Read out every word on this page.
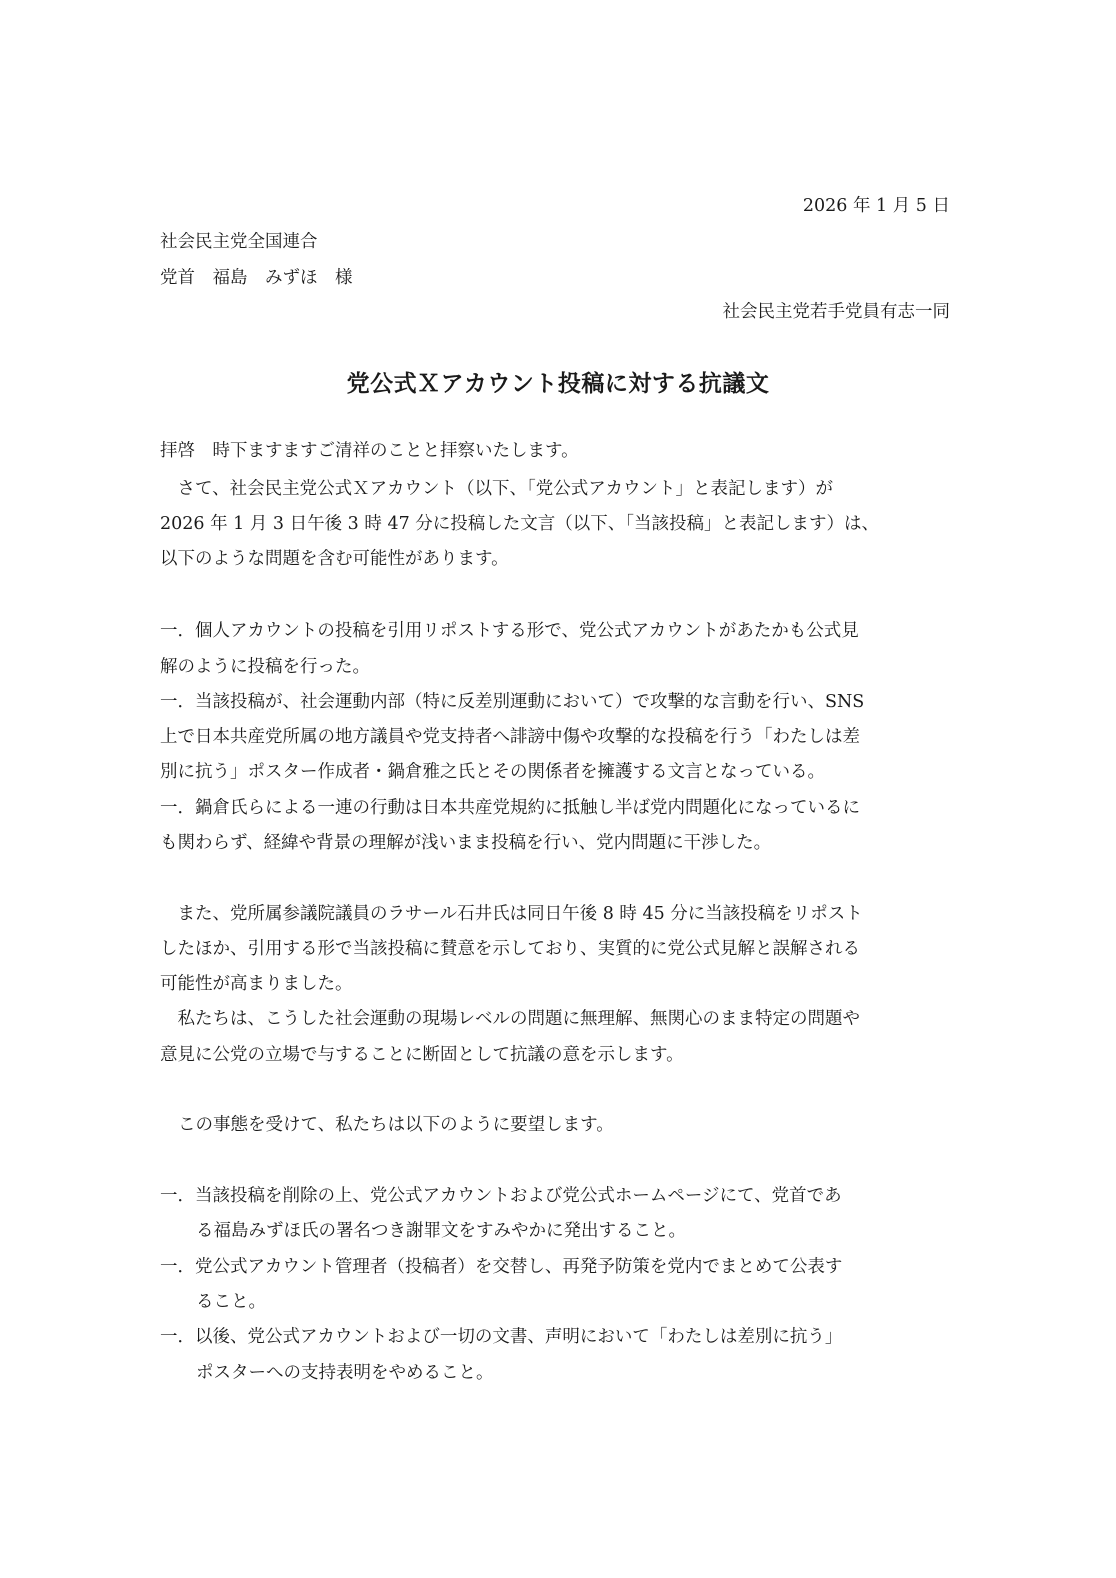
2026 年 1 月 5 日
社会民主党全国連合
党首　福島　みずほ　様
社会民主党若手党員有志一同
党公式Ｘアカウント投稿に対する抗議文
拝啓　時下ますますご清祥のことと拝察いたします。
　さて、社会民主党公式Ｘアカウント（以下、「党公式アカウント」と表記します）が
2026 年 1 月 3 日午後 3 時 47 分に投稿した文言（以下、「当該投稿」と表記します）は、
以下のような問題を含む可能性があります。
一．個人アカウントの投稿を引用リポストする形で、党公式アカウントがあたかも公式見
解のように投稿を行った。
一．当該投稿が、社会運動内部（特に反差別運動において）で攻撃的な言動を行い、SNS
上で日本共産党所属の地方議員や党支持者へ誹謗中傷や攻撃的な投稿を行う「わたしは差
別に抗う」ポスター作成者・鍋倉雅之氏とその関係者を擁護する文言となっている。
一．鍋倉氏らによる一連の行動は日本共産党規約に抵触し半ば党内問題化になっているに
も関わらず、経緯や背景の理解が浅いまま投稿を行い、党内問題に干渉した。
　また、党所属参議院議員のラサール石井氏は同日午後 8 時 45 分に当該投稿をリポスト
したほか、引用する形で当該投稿に賛意を示しており、実質的に党公式見解と誤解される
可能性が高まりました。
　私たちは、こうした社会運動の現場レベルの問題に無理解、無関心のまま特定の問題や
意見に公党の立場で与することに断固として抗議の意を示します。
この事態を受けて、私たちは以下のように要望します。
一．当該投稿を削除の上、党公式アカウントおよび党公式ホームページにて、党首であ
る福島みずほ氏の署名つき謝罪文をすみやかに発出すること。
一．党公式アカウント管理者（投稿者）を交替し、再発予防策を党内でまとめて公表す
ること。
一．以後、党公式アカウントおよび一切の文書、声明において「わたしは差別に抗う」
ポスターへの支持表明をやめること。
